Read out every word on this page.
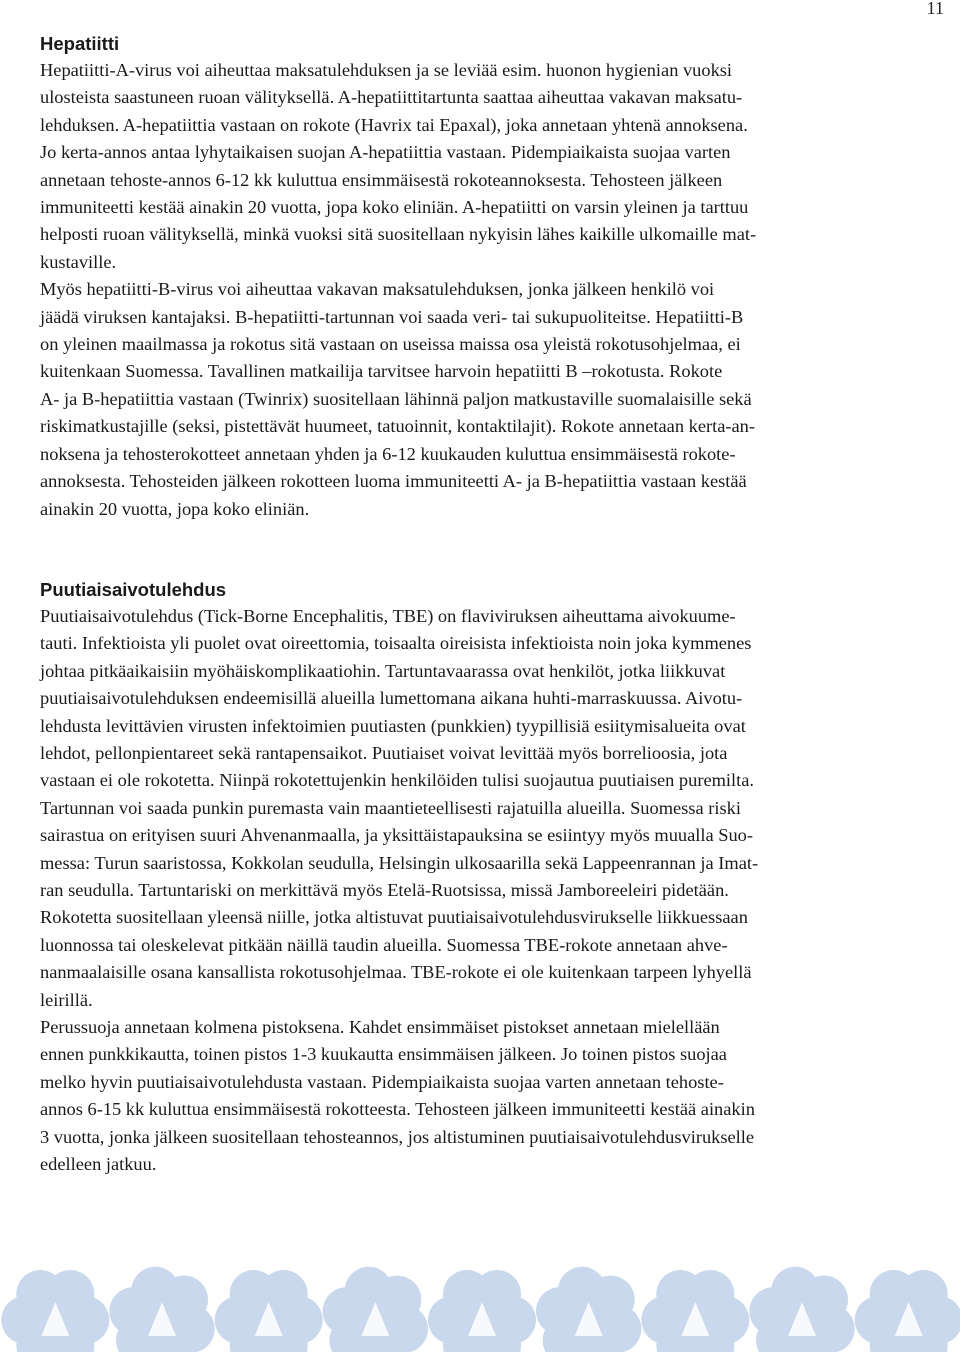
11
Hepatiitti

Hepatiitti-A-virus voi aiheuttaa maksatulehduksen ja se leviää esim. huonon hygienian vuoksi
ulosteista saastuneen ruoan välityksellä. A-hepatiittitartunta saattaa aiheuttaa vakavan maksatu-
lehduksen. A-hepatiittia vastaan on rokote (Havrix tai Epaxal), joka annetaan yhtenä annoksena.
Jo kerta-annos antaa lyhytaikaisen suojan A-hepatiittia vastaan. Pidempiaikaista suojaa varten
annetaan tehoste-annos 6-12 kk kuluttua ensimmäisestä rokoteannoksesta. Tehosteen jälkeen
immuniteetti kestää ainakin 20 vuotta, jopa koko eliniän. A-hepatiitti on varsin yleinen ja tarttuu
helposti ruoan välityksellä, minkä vuoksi sitä suositellaan nykyisin lähes kaikille ulkomaille mat-
kustaville.

Myös hepatiitti-B-virus voi aiheuttaa vakavan maksatulehduksen, jonka jälkeen henkilö voi
jäädä viruksen kantajaksi. B-hepatiitti-tartunnan voi saada veri- tai sukupuoliteitse. Hepatiitti-B
on yleinen maailmassa ja rokotus sitä vastaan on useissa maissa osa yleistä rokotusohjelmaa, ei
kuitenkaan Suomessa. Tavallinen matkailija tarvitsee harvoin hepatiitti B –rokotusta. Rokote
A- ja B-hepatiittia vastaan (Twinrix) suositellaan lähinnä paljon matkustaville suomalaisille sekä
riskimatkustajille (seksi, pistettävät huumeet, tatuoinnit, kontaktilajit). Rokote annetaan kerta-an-
noksena ja tehosterokotteet annetaan yhden ja 6-12 kuukauden kuluttua ensimmäisestä rokote-
annoksesta. Tehosteiden jälkeen rokotteen luoma immuniteetti A- ja B-hepatiittia vastaan kestää
ainakin 20 vuotta, jopa koko eliniän.

Puutiaisaivotulehdus

Puutiaisaivotulehdus (Tick-Borne Encephalitis, TBE) on flaviviruksen aiheuttama aivokuume-
tauti. Infektioista yli puolet ovat oireettomia, toisaalta oireisista infektioista noin joka kymmenes
johtaa pitkäaikaisiin myöhäiskomplikaatiohin. Tartuntavaarassa ovat henkilöt, jotka liikkuvat
puutiaisaivotulehduksen endeemisillä alueilla lumettomana aikana huhti-marraskuussa. Aivotu-
lehdusta levittävien virusten infektoimien puutiasten (punkkien) tyypillisiä esiitymisalueita ovat
lehdot, pellonpientareet sekä rantapensaikot. Puutiaiset voivat levittää myös borrelioosia, jota
vastaan ei ole rokotetta. Niinpä rokotettujenkin henkilöiden tulisi suojautua puutiaisen puremilta.
Tartunnan voi saada punkin puremasta vain maantieteellisesti rajatuilla alueilla. Suomessa riski
sairastua on erityisen suuri Ahvenanmaalla, ja yksittäistapauksina se esiintyy myös muualla Suo-
messa: Turun saaristossa, Kokkolan seudulla, Helsingin ulkosaarilla sekä Lappeenrannan ja Imat-
ran seudulla. Tartuntariski on merkittävä myös Etelä-Ruotsissa, missä Jamboreeleiri pidetään.
Rokotetta suositellaan yleensä niille, jotka altistuvat puutiaisaivotulehdusvirukselle liikkuessaan
luonnossa tai oleskelevat pitkään näillä taudin alueilla. Suomessa TBE-rokote annetaan ahve-
nanmaalaisille osana kansallista rokotusohjelmaa. TBE-rokote ei ole kuitenkaan tarpeen lyhyellä
leirillä.

Perussuoja annetaan kolmena pistoksena. Kahdet ensimmäiset pistokset annetaan mielellään
ennen punkkikautta, toinen pistos 1-3 kuukautta ensimmäisen jälkeen. Jo toinen pistos suojaa
melko hyvin puutiaisaivotulehdusta vastaan. Pidempiaikaista suojaa varten annetaan tehoste-
annos 6-15 kk kuluttua ensimmäisestä rokotteesta. Tehosteen jälkeen immuniteetti kestää ainakin
3 vuotta, jonka jälkeen suositellaan tehosteannos, jos altistuminen puutiaisaivotulehdusvirukselle
edelleen jatkuu.
